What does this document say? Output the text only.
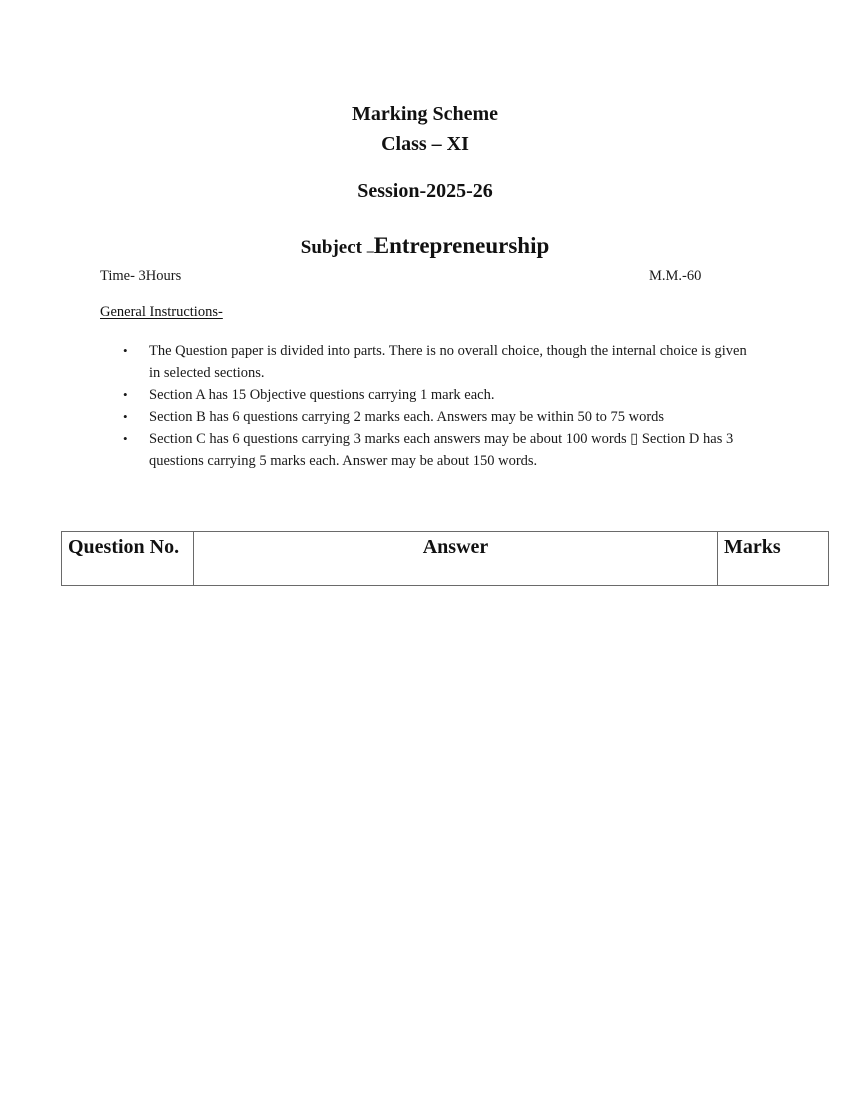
Marking Scheme
Class – XI
Session-2025-26
Subject –Entrepreneurship
Time- 3Hours	M.M.-60
General Instructions-
• The Question paper is divided into parts. There is no overall choice, though the internal choice is given in selected sections.
• Section A has 15 Objective questions carrying 1 mark each.
• Section B has 6 questions carrying 2 marks each. Answers may be within 50 to 75 words
• Section C has 6 questions carrying 3 marks each answers may be about 100 words ▯ Section D has 3 questions carrying 5 marks each. Answer may be about 150 words.
Question No.	Answer	Marks
